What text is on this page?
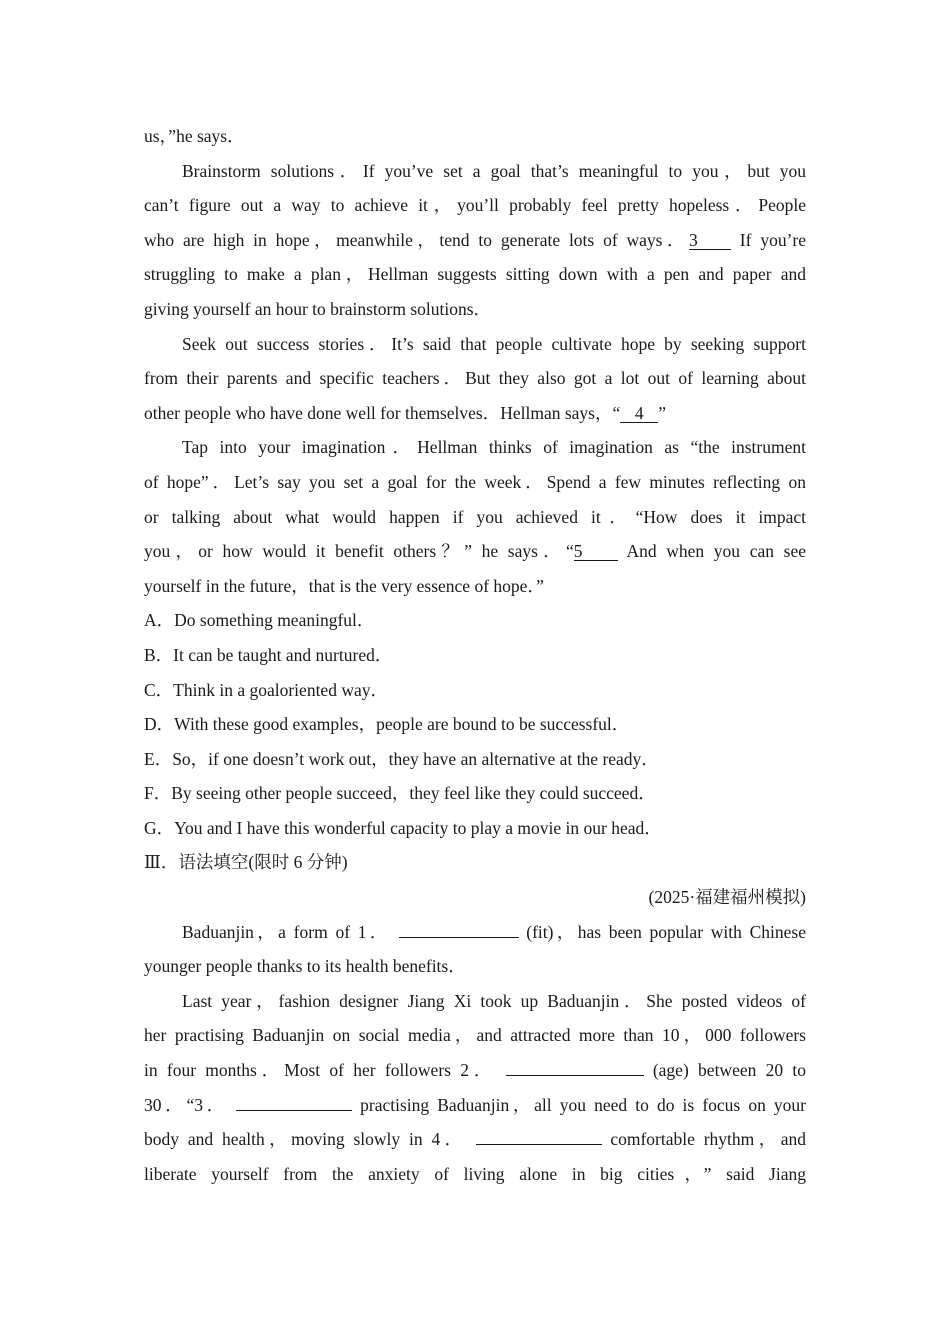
us，”he says．
Brainstorm solutions．If you’ve set a goal that’s meaningful to you，but you
can’t figure out a way to achieve it，you’ll probably feel pretty hopeless．People
who are high in hope，meanwhile，tend to generate lots of ways．3 If you’re
struggling to make a plan，Hellman suggests sitting down with a pen and paper and
giving yourself an hour to brainstorm solutions．
Seek out success stories．It’s said that people cultivate hope by seeking support
from their parents and specific teachers．But they also got a lot out of learning about
other people who have done well for themselves．Hellman says，“ 4 ”
Tap into your imagination．Hellman thinks of imagination as “the instrument
of hope”．Let’s say you set a goal for the week．Spend a few minutes reflecting on
or talking about what would happen if you achieved it．“How does it impact
you，or how would it benefit others？” he says．“5 And when you can see
yourself in the future，that is the very essence of hope．”
A．Do something meaningful．
B．It can be taught and nurtured．
C．Think in a goaloriented way．
D．With these good examples，people are bound to be successful．
E．So，if one doesn’t work out，they have an alternative at the ready．
F．By seeing other people succeed，they feel like they could succeed．
G．You and I have this wonderful capacity to play a movie in our head．
Ⅲ．语法填空(限时 6 分钟)
(2025·福建福州模拟)
Baduanjin，a form of 1．	(fit)，has been popular with Chinese
younger people thanks to its health benefits．
Last year，fashion designer Jiang Xi took up Baduanjin．She posted videos of
her practising Baduanjin on social media，and attracted more than 10，000 followers
in four months．Most of her followers 2．	(age) between 20 to
30．“3．	practising Baduanjin，all you need to do is focus on your
body and health，moving slowly in 4．	comfortable rhythm，and
liberate yourself from the anxiety of living alone in big cities，” said Jiang
